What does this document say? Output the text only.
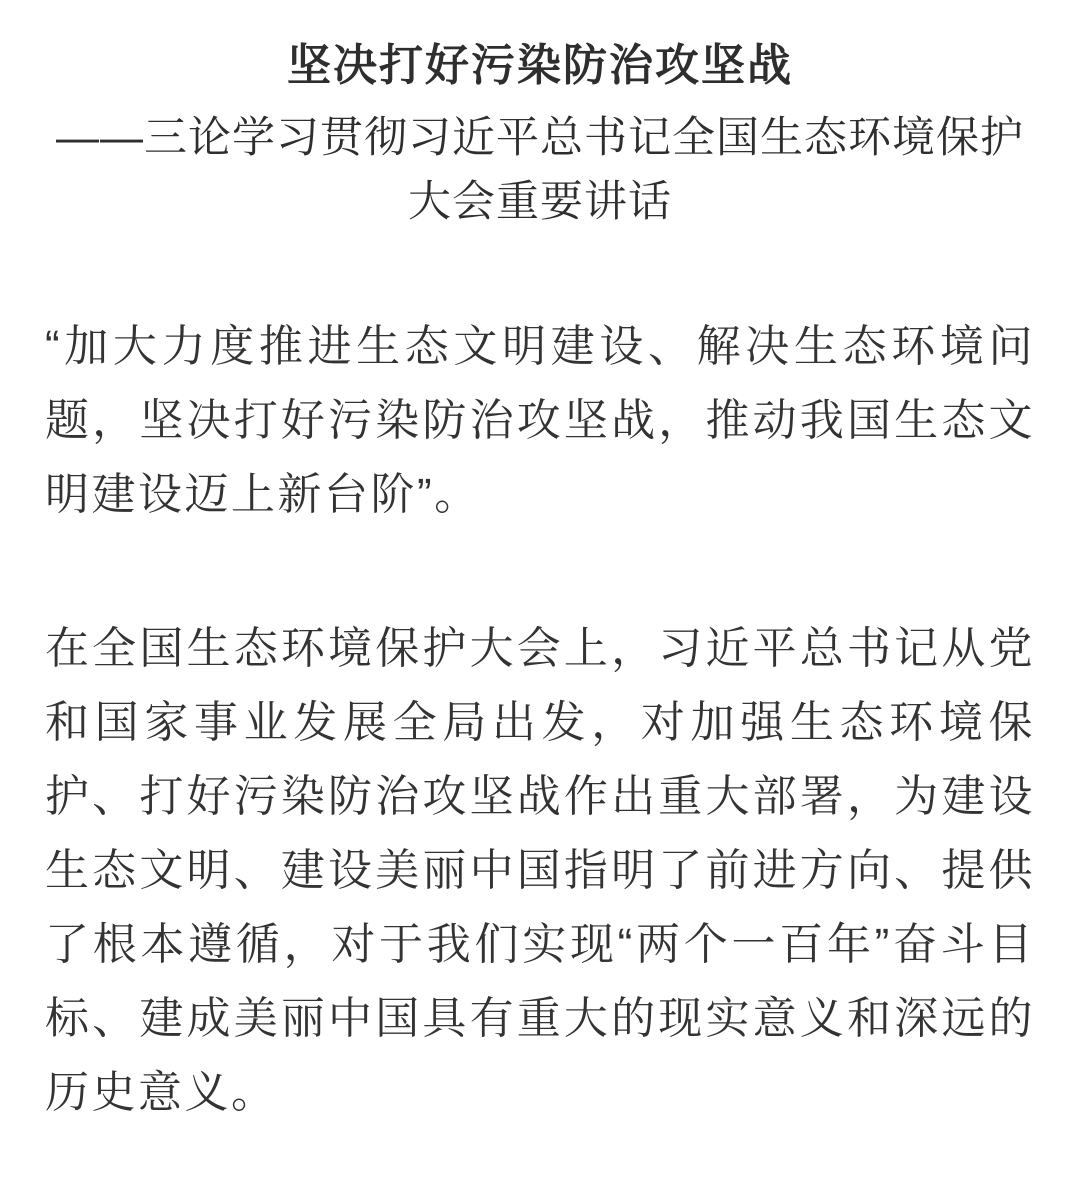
坚决打好污染防治攻坚战
——三论学习贯彻习近平总书记全国生态环境保护大会重要讲话

“加大力度推进生态文明建设、解决生态环境问题，坚决打好污染防治攻坚战，推动我国生态文明建设迈上新台阶”。

在全国生态环境保护大会上，习近平总书记从党和国家事业发展全局出发，对加强生态环境保护、打好污染防治攻坚战作出重大部署，为建设生态文明、建设美丽中国指明了前进方向、提供了根本遵循，对于我们实现“两个一百年”奋斗目标、建成美丽中国具有重大的现实意义和深远的历史意义。
